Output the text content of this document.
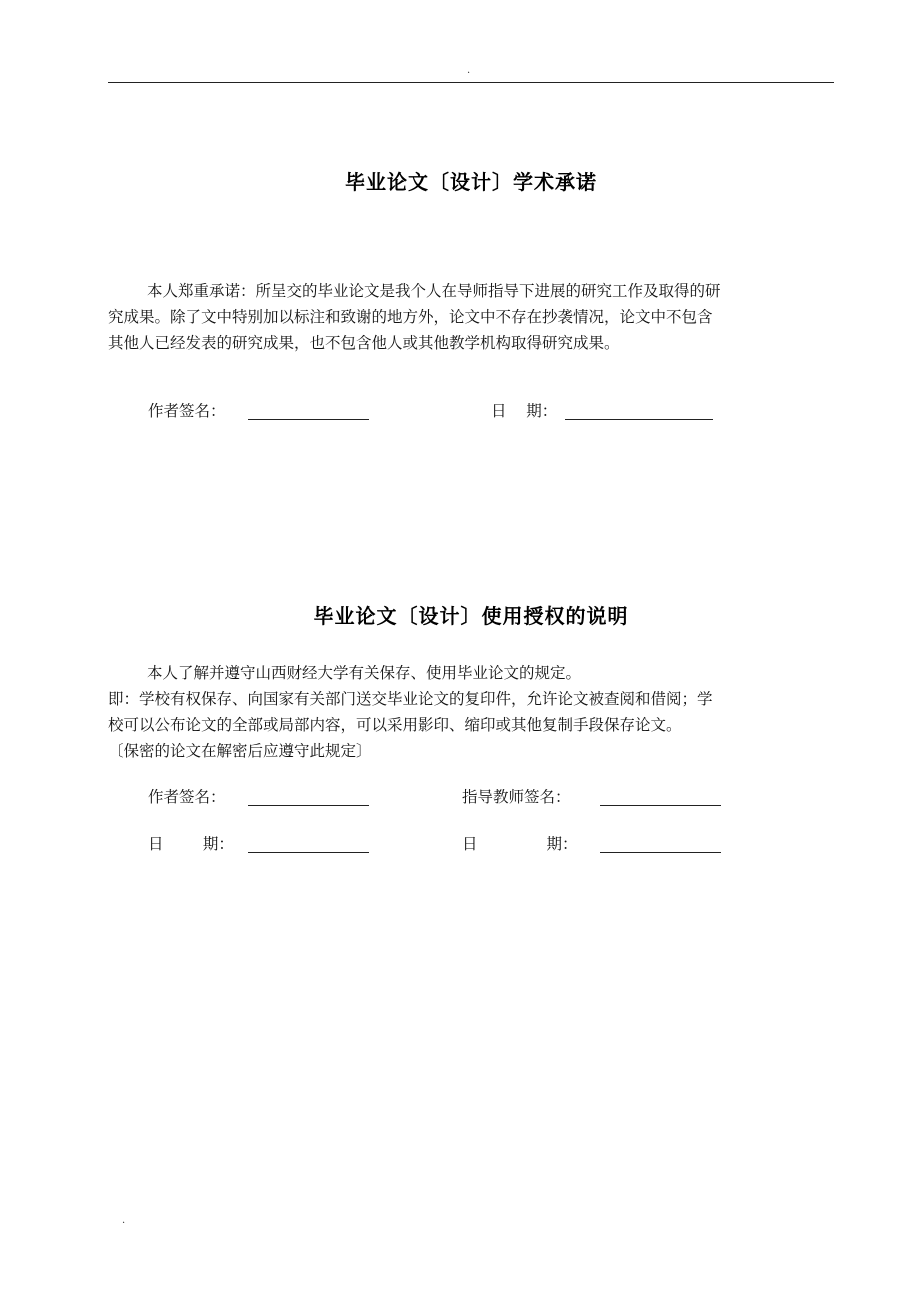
.
毕业论文〔设计〕学术承诺

本人郑重承诺：所呈交的毕业论文是我个人在导师指导下进展的研究工作及取得的研

究成果。除了文中特别加以标注和致谢的地方外，论文中不存在抄袭情况，论文中不包含

其他人已经发表的研究成果，也不包含他人或其他教学机构取得研究成果。

作者签名：	日    期：
毕业论文〔设计〕使用授权的说明

本人了解并遵守山西财经大学有关保存、使用毕业论文的规定。

即：学校有权保存、向国家有关部门送交毕业论文的复印件，允许论文被查阅和借阅；学

校可以公布论文的全部或局部内容，可以采用影印、缩印或其他复制手段保存论文。

〔保密的论文在解密后应遵守此规定〕

作者签名：	指导教师签名：
日        期：	日              期：
.
